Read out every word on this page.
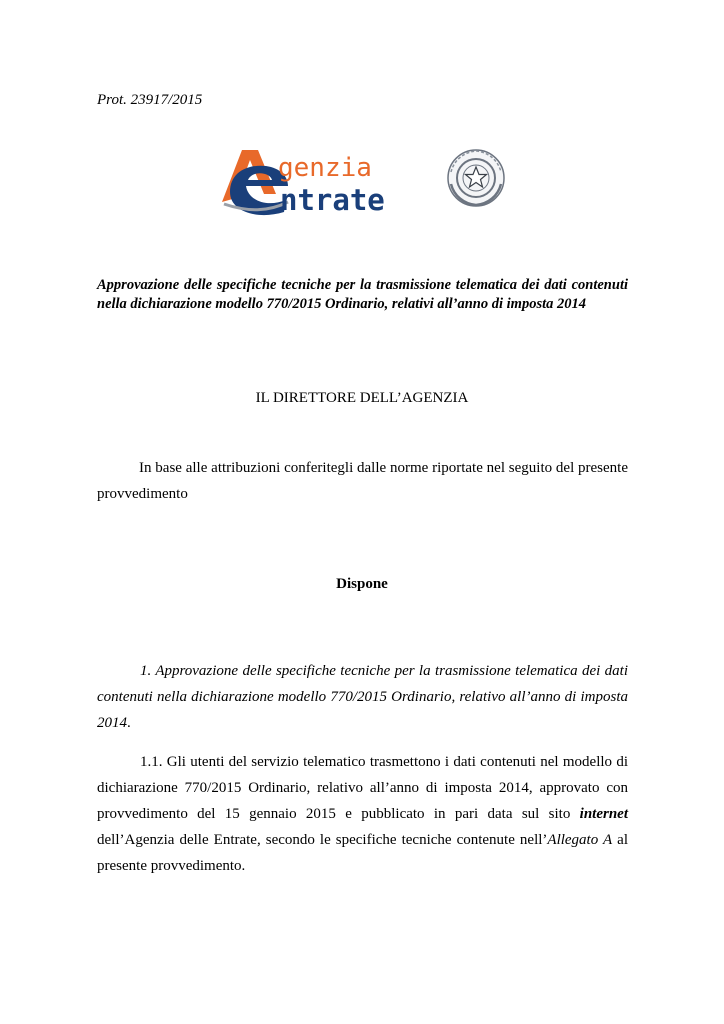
Prot. 23917/2015
genzia
ntrate

Approvazione delle specifiche tecniche per la trasmissione telematica dei dati contenuti nella dichiarazione modello 770/2015 Ordinario, relativi all’anno di imposta 2014

IL DIRETTORE DELL’AGENZIA

In base alle attribuzioni conferitegli dalle norme riportate nel seguito del presente provvedimento

Dispone

1. Approvazione delle specifiche tecniche per la trasmissione telematica dei dati contenuti nella dichiarazione modello 770/2015 Ordinario, relativo all’anno di imposta 2014.

1.1. Gli utenti del servizio telematico trasmettono i dati contenuti nel modello di dichiarazione 770/2015 Ordinario, relativo all’anno di imposta 2014, approvato con provvedimento del 15 gennaio 2015 e pubblicato in pari data sul sito internet dell’Agenzia delle Entrate, secondo le specifiche tecniche contenute nell’Allegato A al presente provvedimento.
